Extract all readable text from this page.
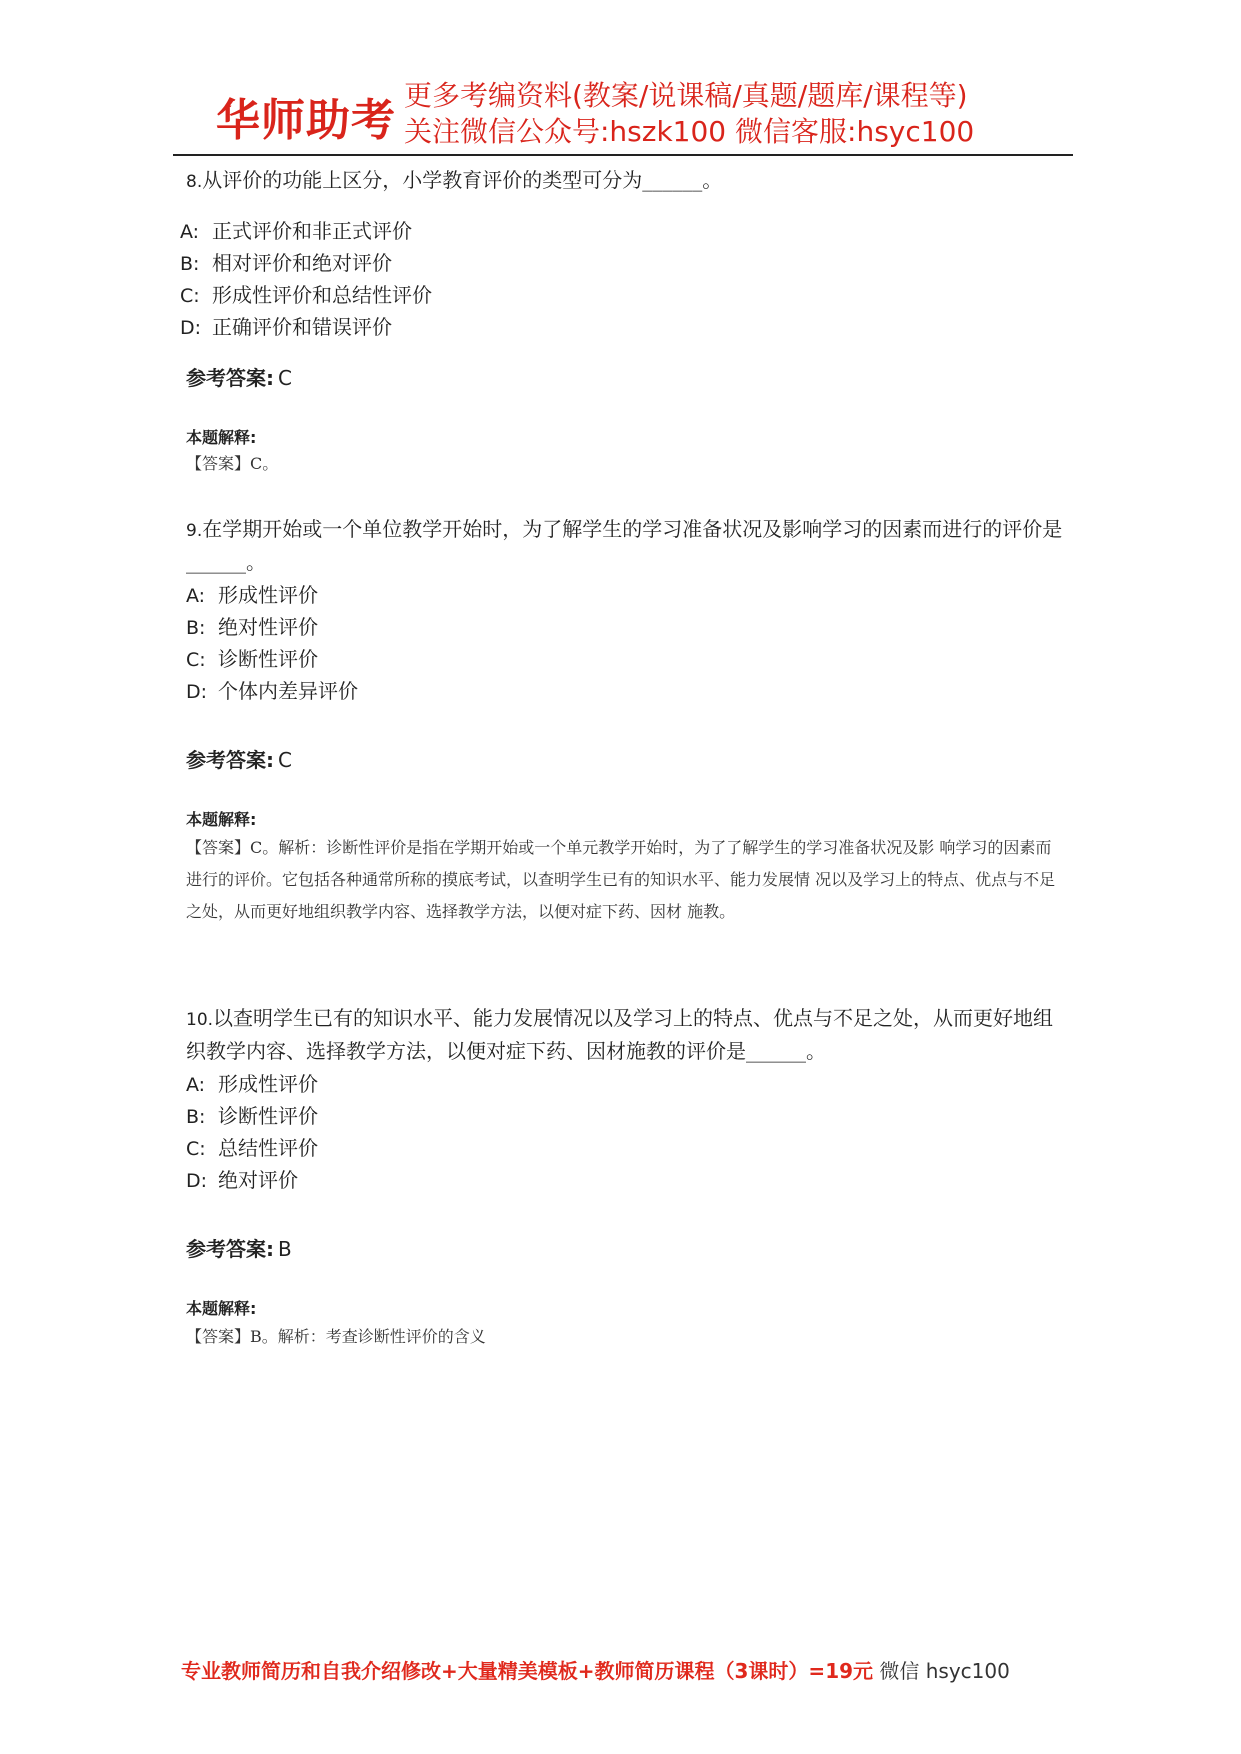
华师助考 更多考编资料(教案/说课稿/真题/题库/课程等)
关注微信公众号:hszk100 微信客服:hsyc100
8.从评价的功能上区分，小学教育评价的类型可分为______。
A: 正式评价和非正式评价
B: 相对评价和绝对评价
C: 形成性评价和总结性评价
D: 正确评价和错误评价
参考答案: C
本题解释:
【答案】C。
9.在学期开始或一个单位教学开始时，为了解学生的学习准备状况及影响学习的因素而进行的评价是______。
A: 形成性评价
B: 绝对性评价
C: 诊断性评价
D: 个体内差异评价
参考答案: C
本题解释:
【答案】C。解析：诊断性评价是指在学期开始或一个单元教学开始时，为了了解学生的学习准备状况及影 响学习的因素而进行的评价。它包括各种通常所称的摸底考试，以查明学生已有的知识水平、能力发展情 况以及学习上的特点、优点与不足之处，从而更好地组织教学内容、选择教学方法，以便对症下药、因材 施教。
10.以查明学生已有的知识水平、能力发展情况以及学习上的特点、优点与不足之处，从而更好地组织教学内容、选择教学方法，以便对症下药、因材施教的评价是______。
A: 形成性评价
B: 诊断性评价
C: 总结性评价
D: 绝对评价
参考答案: B
本题解释:
【答案】B。解析：考查诊断性评价的含义
专业教师简历和自我介绍修改+大量精美模板+教师简历课程（3课时）=19元 微信 hsyc100
